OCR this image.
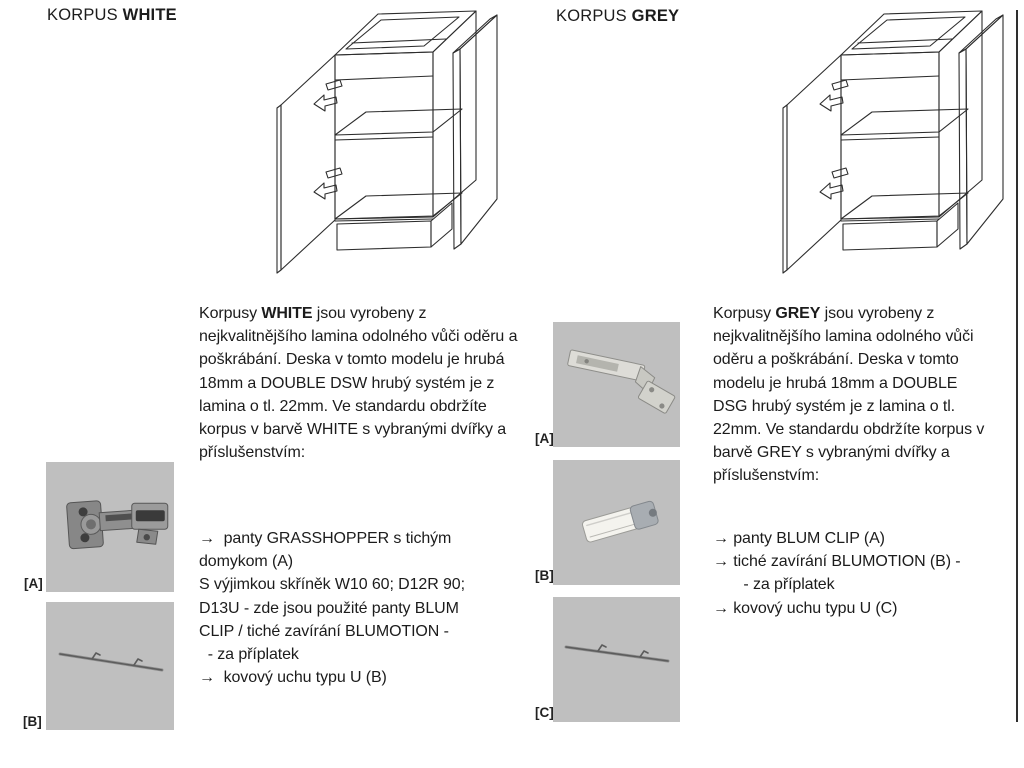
KORPUS WHITE
Korpusy WHITE jsou vyrobeny z nejkvalitnějšího lamina odolného vůči oděru a poškrábání. Deska v tomto modelu je hrubá 18mm a DOUBLE DSW hrubý systém je z lamina o tl. 22mm. Ve standardu obdržíte korpus v barvě WHITE s vybranými dvířky a příslušenstvím:
→  panty GRASSHOPPER s tichým
domykom (A)
S výjimkou skříněk W10 60; D12R 90;
D13U - zde jsou použité panty BLUM
CLIP / tiché zavírání BLUMOTION -
- za příplatek
→  kovový uchu typu U (B)
[A]
[B]
KORPUS GREY
Korpusy GREY jsou vyrobeny z nejkvalitnějšího lamina odolného vůči oděru a poškrábání. Deska v tomto modelu je hrubá 18mm a DOUBLE DSG hrubý systém je z lamina o tl. 22mm. Ve standardu obdržíte korpus v barvě GREY s vybranými dvířky a příslušenstvím:
→ panty BLUM CLIP (A)
→ tiché zavírání BLUMOTION (B) -
- za příplatek
→ kovový uchu typu U (C)
[A]
[B]
[C]
